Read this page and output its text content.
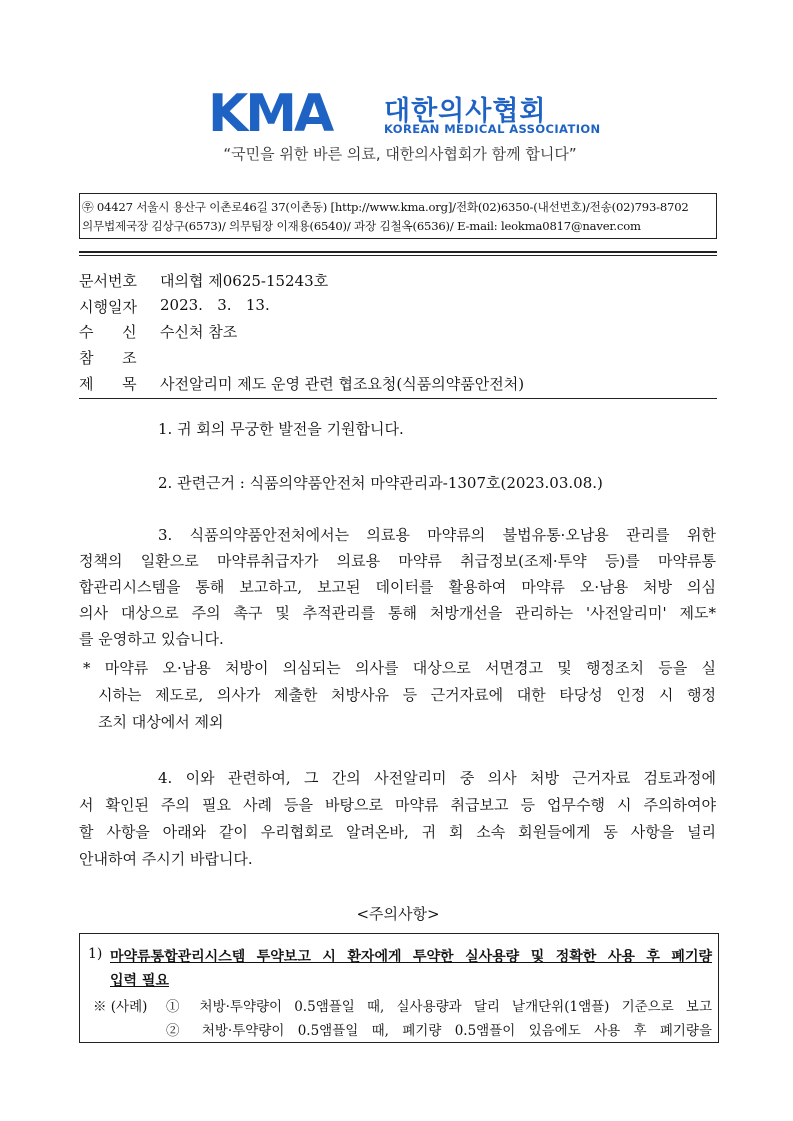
KMA 대한의사협회
KOREAN MEDICAL ASSOCIATION
“국민을 위한 바른 의료, 대한의사협회가 함께 합니다”
㉾ 04427 서울시 용산구 이촌로46길 37(이촌동) [http://www.kma.org]/전화(02)6350-(내선번호)/전송(02)793-8702
의무법제국장 김상구(6573)/ 의무팀장 이재용(6540)/ 과장 김철옥(6536)/ E-mail: leokma0817@naver.com
문서번호 대의협 제0625-15243호
시행일자 2023.   3.   13.
수      신 수신처 참조
참      조
제      목 사전알리미 제도 운영 관련 협조요청(식품의약품안전처)
1. 귀 회의 무궁한 발전을 기원합니다.
2. 관련근거 : 식품의약품안전처 마약관리과-1307호(2023.03.08.)
3. 식품의약품안전처에서는 의료용 마약류의 불법유통·오남용 관리를 위한
정책의 일환으로 마약류취급자가 의료용 마약류 취급정보(조제·투약 등)를 마약류통
합관리시스템을 통해 보고하고, 보고된 데이터를 활용하여 마약류 오·남용 처방 의심
의사 대상으로 주의 촉구 및 추적관리를 통해 처방개선을 관리하는 '사전알리미' 제도*
를 운영하고 있습니다.
* 마약류 오·남용 처방이 의심되는 의사를 대상으로 서면경고 및 행정조치 등을 실
시하는 제도로, 의사가 제출한 처방사유 등 근거자료에 대한 타당성 인정 시 행정
조치 대상에서 제외
4. 이와 관련하여, 그 간의 사전알리미 중 의사 처방 근거자료 검토과정에
서 확인된 주의 필요 사례 등을 바탕으로 마약류 취급보고 등 업무수행 시 주의하여야
할 사항을 아래와 같이 우리협회로 알려온바, 귀 회 소속 회원들에게 동 사항을 널리
안내하여 주시기 바랍니다.
<주의사항>
1) 마약류통합관리시스템 투약보고 시 환자에게 투약한 실사용량 및 정확한 사용 후 폐기량
입력 필요
※ (사례) ① 처방·투약량이 0.5앰플일 때, 실사용량과 달리 낱개단위(1앰플) 기준으로 보고
② 처방·투약량이 0.5앰플일 때, 폐기량 0.5앰플이 있음에도 사용 후 폐기량을
